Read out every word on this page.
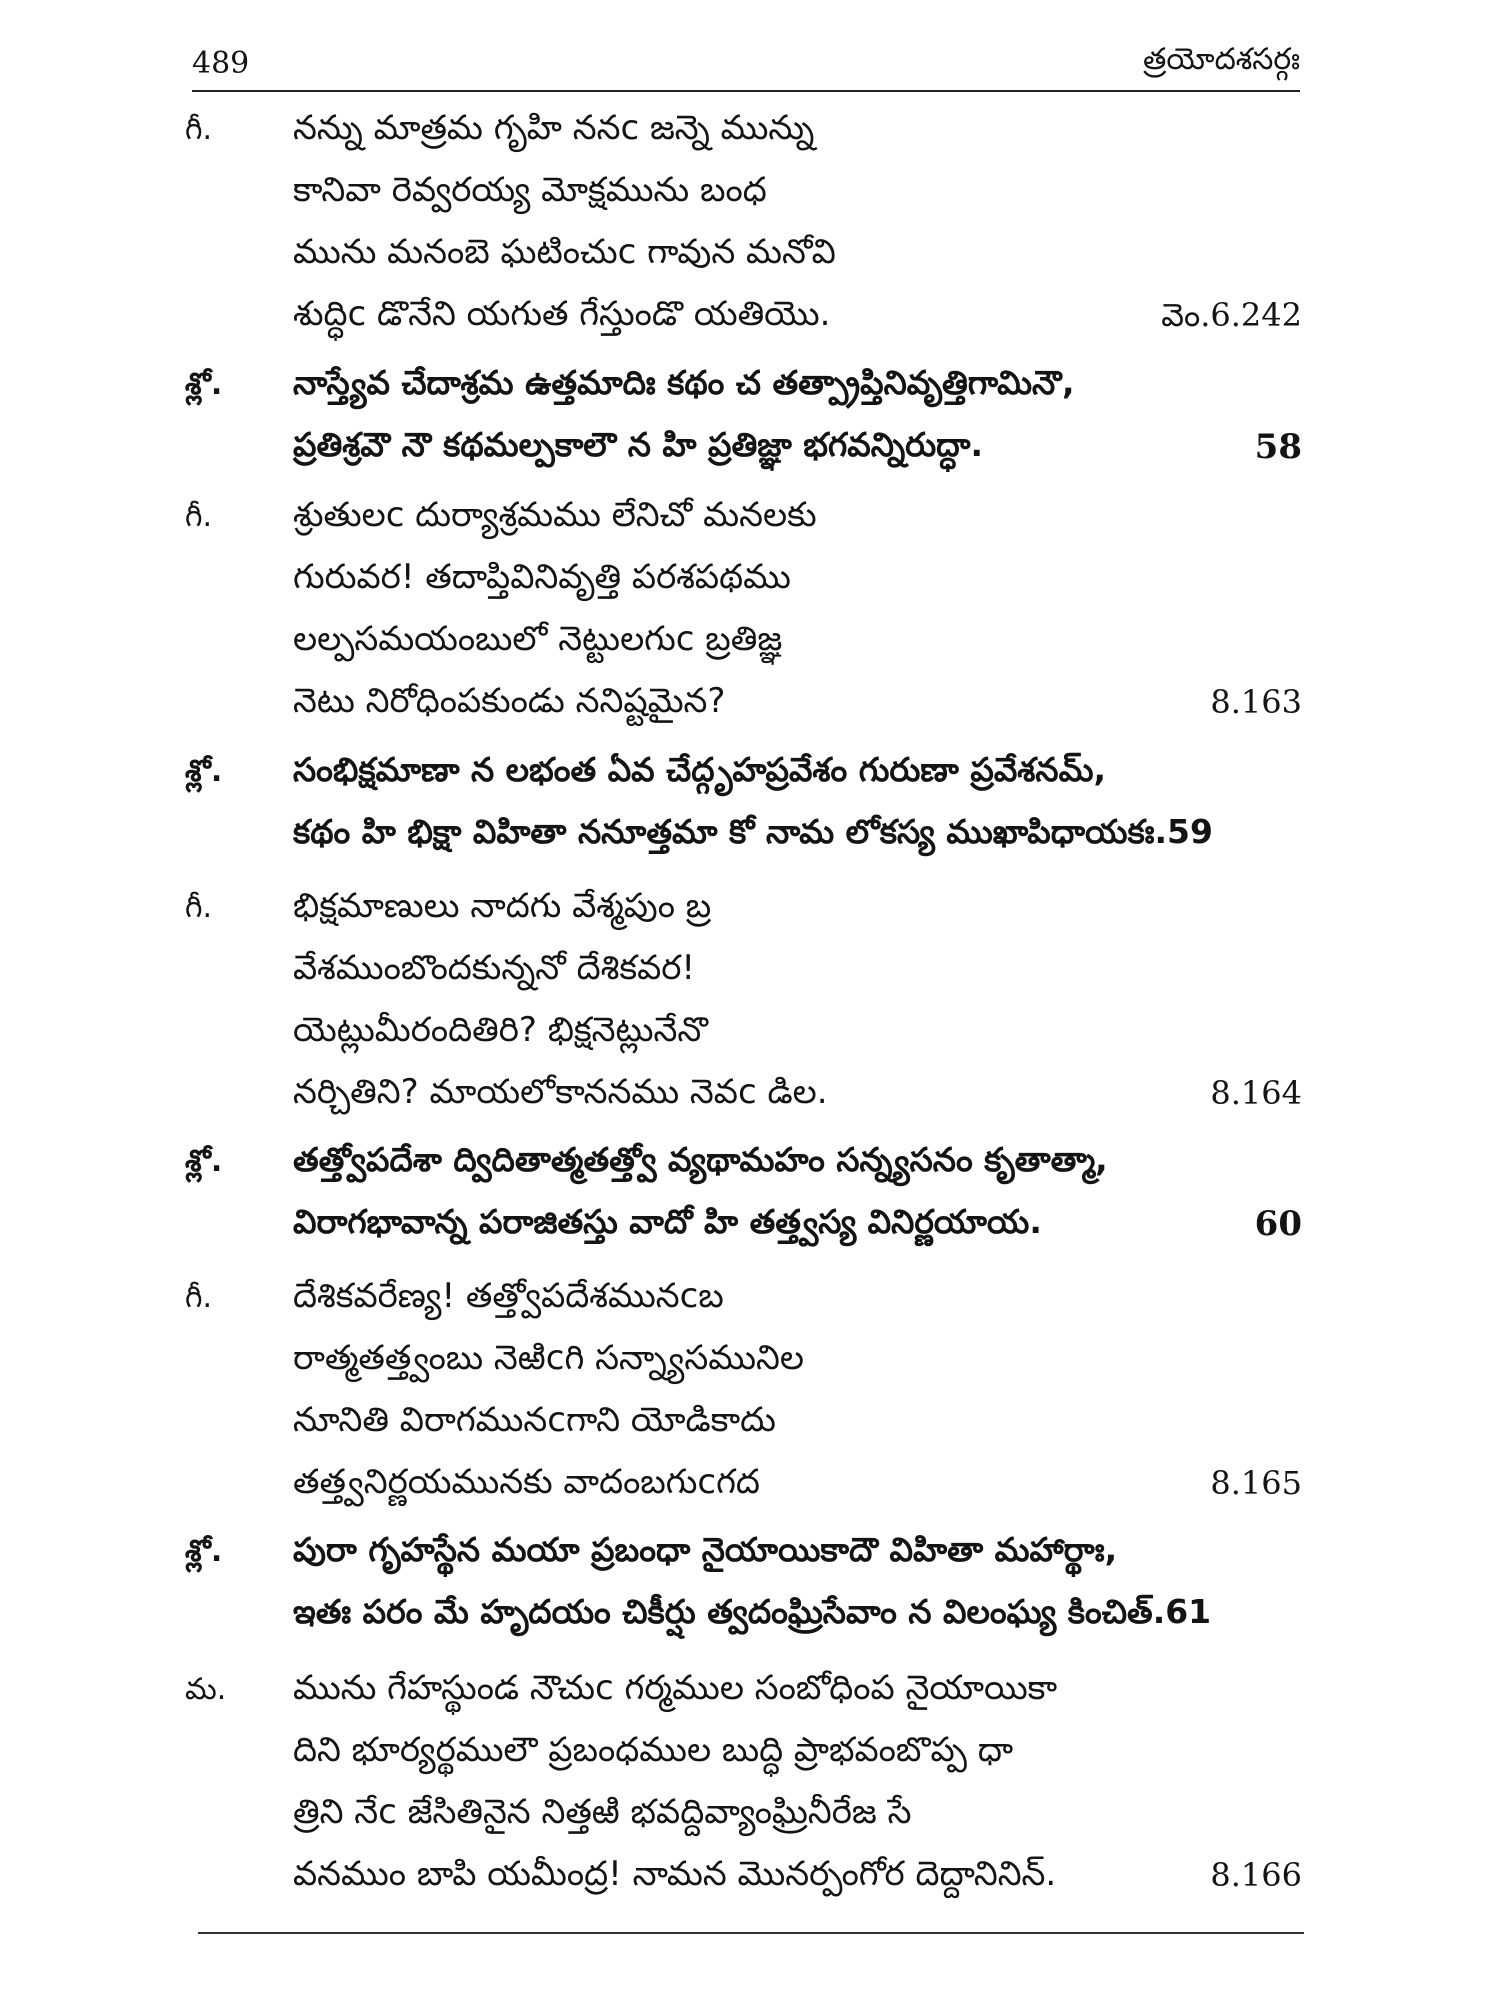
489	త్రయోదశసర్గః
గీ. నన్ను మాత్రమ గృహి ననc జన్నె మున్ను
కానివా రెవ్వరయ్య మోక్షమును బంధ
మును మనంబె ఘటించుc గావున మనోవి
శుద్ధిc డొనేని యగుత గేస్తుండొ యతియొ.	వెం.6.242
శ్లో. నాస్త్యేవ చేదాశ్రమ ఉత్తమాదిః కథం చ తత్ప్రాప్తినివృత్తిగామినౌ,
ప్రతిశ్రవౌ నౌ కథమల్పకాలౌ న హి ప్రతిజ్ఞా భగవన్నిరుద్ధా.	58
గీ. శ్రుతులc దుర్యాశ్రమము లేనిచో మనలకు
గురువర! తదాప్తివినివృత్తి పరశపథము
లల్పసమయంబులో నెట్టులగుc బ్రతిజ్ఞ
నెటు నిరోధింపకుండు ననిష్టమైన?	8.163
శ్లో. సంభిక్షమాణా న లభంత ఏవ చేద్గృహప్రవేశం గురుణా ప్రవేశనమ్,
కథం హి భిక్షా విహితా ననూత్తమా కో నామ లోకస్య ముఖాపిధాయకః.59
గీ. భిక్షమాణులు నాదగు వేశ్మపుం బ్ర
వేశముంబొందకున్ననో దేశికవర!
యెట్లుమీరందితిరి? భిక్షనెట్లునేనొ
నర్చితిని? మాయలోకాననము నెవc డిల.	8.164
శ్లో. తత్త్వోపదేశా ద్విదితాత్మతత్త్వో వ్యథామహం సన్న్యసనం కృతాత్మా,
విరాగభావాన్న పరాజితస్తు వాదో హి తత్త్వస్య వినిర్ణయాయ.	60
గీ. దేశికవరేణ్య! తత్త్వోపదేశమునcబ
రాత్మతత్త్వంబు నెఱిcగి సన్న్యాసమునిల
నూనితి విరాగమునcగాని యోడికాదు
తత్త్వనిర్ణయమునకు వాదంబగుcగద	8.165
శ్లో. పురా గృహస్థేన మయా ప్రబంధా నైయాయికాదౌ విహితా మహార్థాః,
ఇతః పరం మే హృదయం చికీర్షు త్వదంఘ్రిసేవాం న విలంఘ్య కించిత్.61
మ. మును గేహస్థుండ నౌచుc గర్మముల సంబోధింప నైయాయికా
దిని భూర్యర్థములౌ ప్రబంధముల బుద్ధి ప్రాభవంబొప్ప ధా
త్రిని నేc జేసితినైన నిత్తఱి భవద్దివ్యాంఘ్రినీరేజ సే
వనముం బాపి యమీంద్ర! నామన మొనర్పంగోర దెద్దానినిన్.	8.166
